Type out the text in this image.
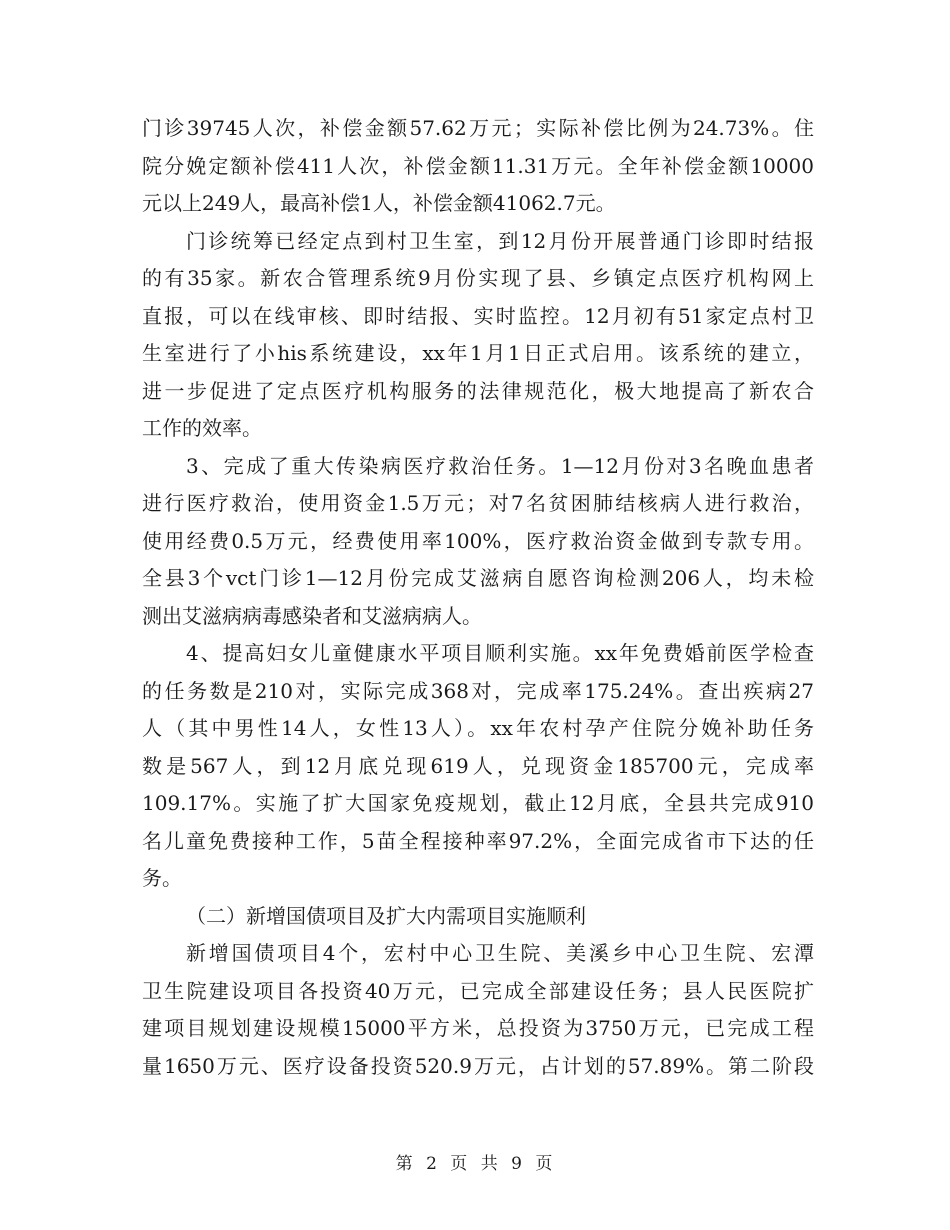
门诊39745人次，补偿金额57.62万元；实际补偿比例为24.73%。住
院分娩定额补偿411人次，补偿金额11.31万元。全年补偿金额10000
元以上249人，最高补偿1人，补偿金额41062.7元。
门诊统筹已经定点到村卫生室，到12月份开展普通门诊即时结报
的有35家。新农合管理系统9月份实现了县、乡镇定点医疗机构网上
直报，可以在线审核、即时结报、实时监控。12月初有51家定点村卫
生室进行了小his系统建设，xx年1月1日正式启用。该系统的建立，
进一步促进了定点医疗机构服务的法律规范化，极大地提高了新农合
工作的效率。
3、完成了重大传染病医疗救治任务。1—12月份对3名晚血患者
进行医疗救治，使用资金1.5万元；对7名贫困肺结核病人进行救治，
使用经费0.5万元，经费使用率100%，医疗救治资金做到专款专用。
全县3个vct门诊1—12月份完成艾滋病自愿咨询检测206人，均未检
测出艾滋病病毒感染者和艾滋病病人。
4、提高妇女儿童健康水平项目顺利实施。xx年免费婚前医学检查
的任务数是210对，实际完成368对，完成率175.24%。查出疾病27
人（其中男性14人，女性13人）。xx年农村孕产住院分娩补助任务
数是567人，到12月底兑现619人，兑现资金185700元，完成率
109.17%。实施了扩大国家免疫规划，截止12月底，全县共完成910
名儿童免费接种工作，5苗全程接种率97.2%，全面完成省市下达的任
务。
（二）新增国债项目及扩大内需项目实施顺利
新增国债项目4个，宏村中心卫生院、美溪乡中心卫生院、宏潭
卫生院建设项目各投资40万元，已完成全部建设任务；县人民医院扩
建项目规划建设规模15000平方米，总投资为3750万元，已完成工程
量1650万元、医疗设备投资520.9万元，占计划的57.89%。第二阶段
第 2 页 共 9 页
